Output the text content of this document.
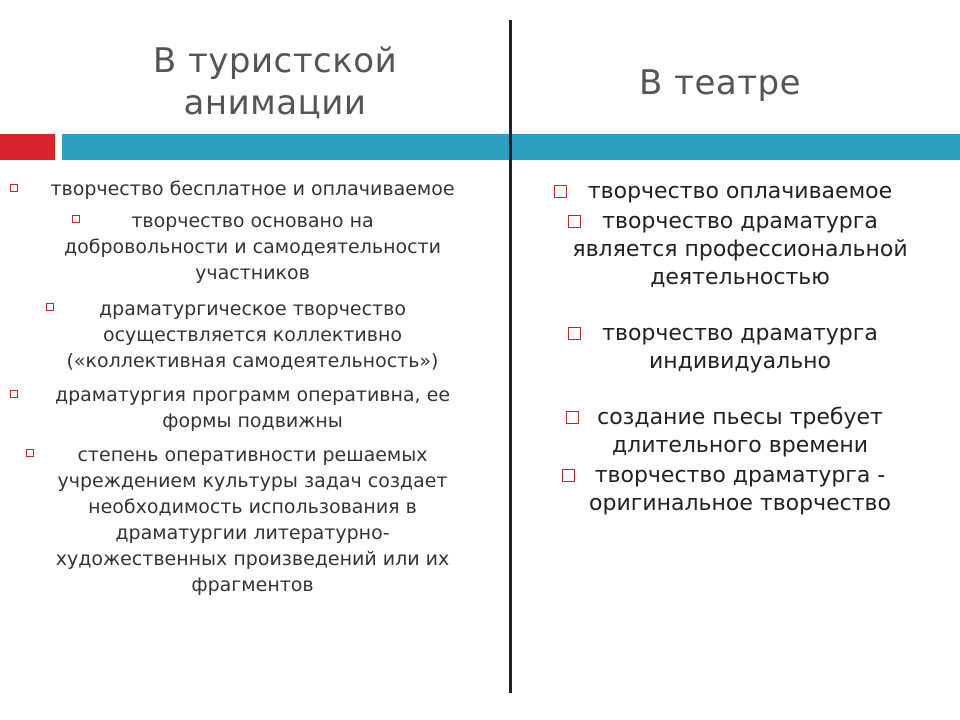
В туристской
анимации	В театре
творчество бесплатное и оплачиваемое
творчество основано на
добровольности и самодеятельности
участников
драматургическое творчество
осуществляется коллективно
(«коллективная самодеятельность»)
драматургия программ оперативна, ее
формы подвижны
степень оперативности решаемых
учреждением культуры задач создает
необходимость использования в
драматургии литературно-
художественных произведений или их
фрагментов
творчество оплачиваемое
творчество драматурга
является профессиональной
деятельностью
творчество драматурга
индивидуально
создание пьесы требует
длительного времени
творчество драматурга -
оригинальное творчество
